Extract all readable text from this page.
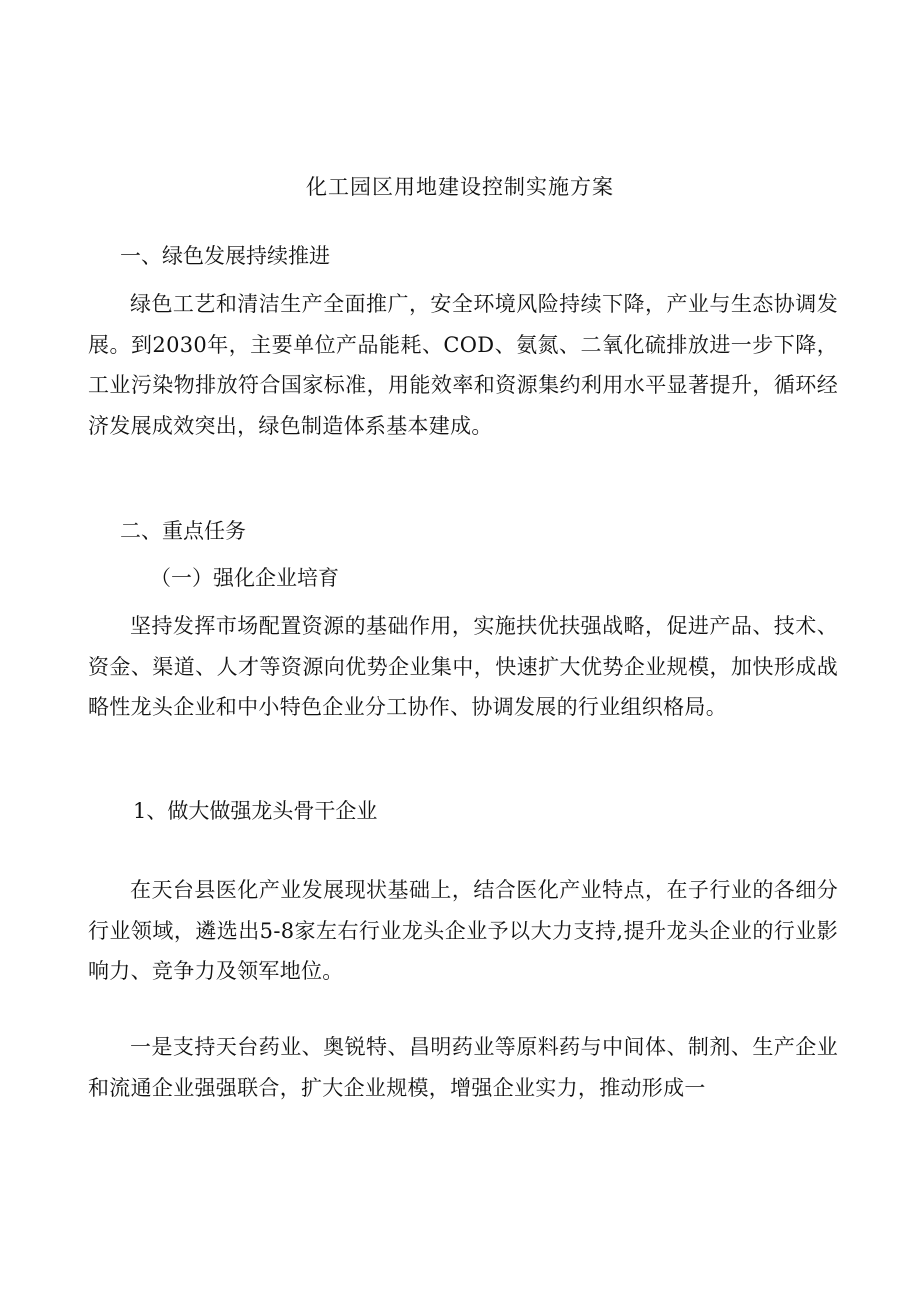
化工园区用地建设控制实施方案
一、绿色发展持续推进
绿色工艺和清洁生产全面推广，安全环境风险持续下降，产业与生态协调发展。到2030年，主要单位产品能耗、COD、氨氮、二氧化硫排放进一步下降，工业污染物排放符合国家标准，用能效率和资源集约利用水平显著提升，循环经济发展成效突出，绿色制造体系基本建成。
二、重点任务
（一）强化企业培育
坚持发挥市场配置资源的基础作用，实施扶优扶强战略，促进产品、技术、资金、渠道、人才等资源向优势企业集中，快速扩大优势企业规模，加快形成战略性龙头企业和中小特色企业分工协作、协调发展的行业组织格局。
1、做大做强龙头骨干企业
在天台县医化产业发展现状基础上，结合医化产业特点，在子行业的各细分行业领域，遴选出5-8家左右行业龙头企业予以大力支持,提升龙头企业的行业影响力、竞争力及领军地位。
一是支持天台药业、奥锐特、昌明药业等原料药与中间体、制剂、生产企业和流通企业强强联合，扩大企业规模，增强企业实力，推动形成一
